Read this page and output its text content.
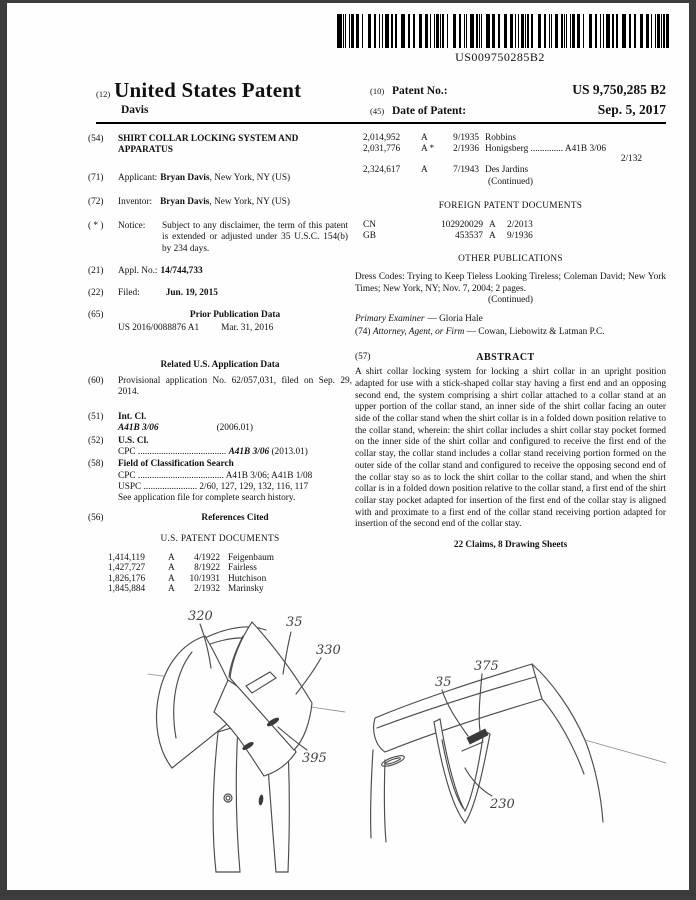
US009750285B2
(12) United States Patent
Davis
(10) Patent No.:	US 9,750,285 B2
(45) Date of Patent:	Sep. 5, 2017
(54)	SHIRT COLLAR LOCKING SYSTEM AND APPARATUS
(71)	Applicant: Bryan Davis, New York, NY (US)
(72)	Inventor: Bryan Davis, New York, NY (US)
( * )	Notice:	Subject to any disclaimer, the term of this patent is extended or adjusted under 35 U.S.C. 154(b) by 234 days.
(21)	Appl. No.: 14/744,733
(22)	Filed:	Jun. 19, 2015
(65)	Prior Publication Data
US 2016/0088876 A1 Mar. 31, 2016
Related U.S. Application Data
(60)	Provisional application No. 62/057,031, filed on Sep. 29, 2014.
(51)	Int. Cl.
A41B 3/06	(2006.01)
(52)	U.S. Cl.
CPC ...................................... A41B 3/06 (2013.01)
(58)	Field of Classification Search
CPC ..................................... A41B 3/06; A41B 1/08
USPC ....................... 2/60, 127, 129, 132, 116, 117
See application file for complete search history.
(56)	References Cited
U.S. PATENT DOCUMENTS
1,414,119	A	4/1922 Feigenbaum
1,427,727	A	8/1922 Fairless
1,826,176	A	10/1931 Hutchison
1,845,884	A	2/1932 Marinsky
2,014,952	A	9/1935 Robbins
2,031,776	A *	2/1936 Honigsberg .............. A41B 3/06
2/132
2,324,617	A	7/1943 Des Jardins
(Continued)
FOREIGN PATENT DOCUMENTS
CN	102920029 A	2/2013
GB	453537 A	9/1936
OTHER PUBLICATIONS
Dress Codes: Trying to Keep Tieless Looking Tireless; Coleman David; New York Times; New York, NY; Nov. 7, 2004; 2 pages.
(Continued)
Primary Examiner — Gloria Hale
(74) Attorney, Agent, or Firm — Cowan, Liebowitz & Latman P.C.
(57)	ABSTRACT
A shirt collar locking system for locking a shirt collar in an upright position adapted for use with a stick-shaped collar stay having a first end and an opposing second end, the system comprising a shirt collar attached to a collar stand at an upper portion of the collar stand, an inner side of the shirt collar facing an outer side of the collar stand when the shirt collar is in a folded down position relative to the collar stand, wherein: the shirt collar includes a shirt collar stay pocket formed on the inner side of the shirt collar and configured to receive the first end of the collar stay, the collar stand includes a collar stand receiving portion formed on the outer side of the collar stand and configured to receive the opposing second end of the collar stay so as to lock the shirt collar to the collar stand, and when the shirt collar is in a folded down position relative to the collar stand, a first end of the shirt collar stay pocket adapted for insertion of the first end of the collar stay is aligned with and proximate to a first end of the collar stand receiving portion adapted for insertion of the second end of the collar stay.
22 Claims, 8 Drawing Sheets
320	35
330
395
35
375
230
